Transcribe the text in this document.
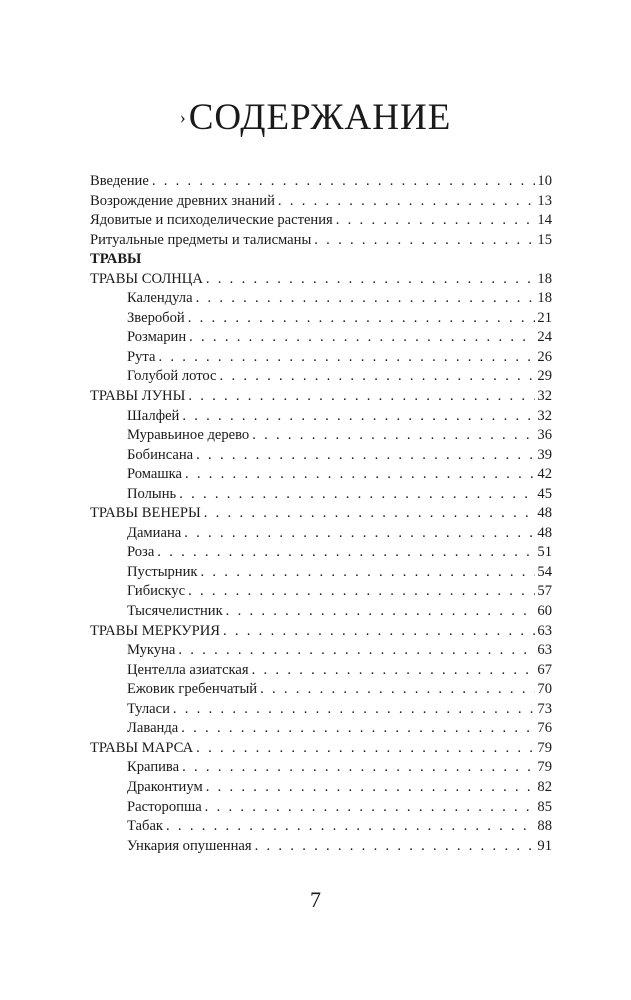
›СОДЕРЖАНИЕ
Введение . . .	10
Возрождение древних знаний . . .	13
Ядовитые и психоделические растения . . .	14
Ритуальные предметы и талисманы . . .	15
ТРАВЫ
ТРАВЫ СОЛНЦА . . .	18
Календула . . .	18
Зверобой . . .	21
Розмарин . . .	24
Рута . . .	26
Голубой лотос . . .	29
ТРАВЫ ЛУНЫ . . .	32
Шалфей . . .	32
Муравьиное дерево . . .	36
Бобинсана . . .	39
Ромашка . . .	42
Полынь . . .	45
ТРАВЫ ВЕНЕРЫ . . .	48
Дамиана . . .	48
Роза . . .	51
Пустырник . . .	54
Гибискус . . .	57
Тысячелистник . . .	60
ТРАВЫ МЕРКУРИЯ . . .	63
Мукуна . . .	63
Центелла азиатская . . .	67
Ежовик гребенчатый . . .	70
Туласи . . .	73
Лаванда . . .	76
ТРАВЫ МАРСА . . .	79
Крапива . . .	79
Драконтиум . . .	82
Расторопша . . .	85
Табак . . .	88
Ункария опушенная . . .	91
7
